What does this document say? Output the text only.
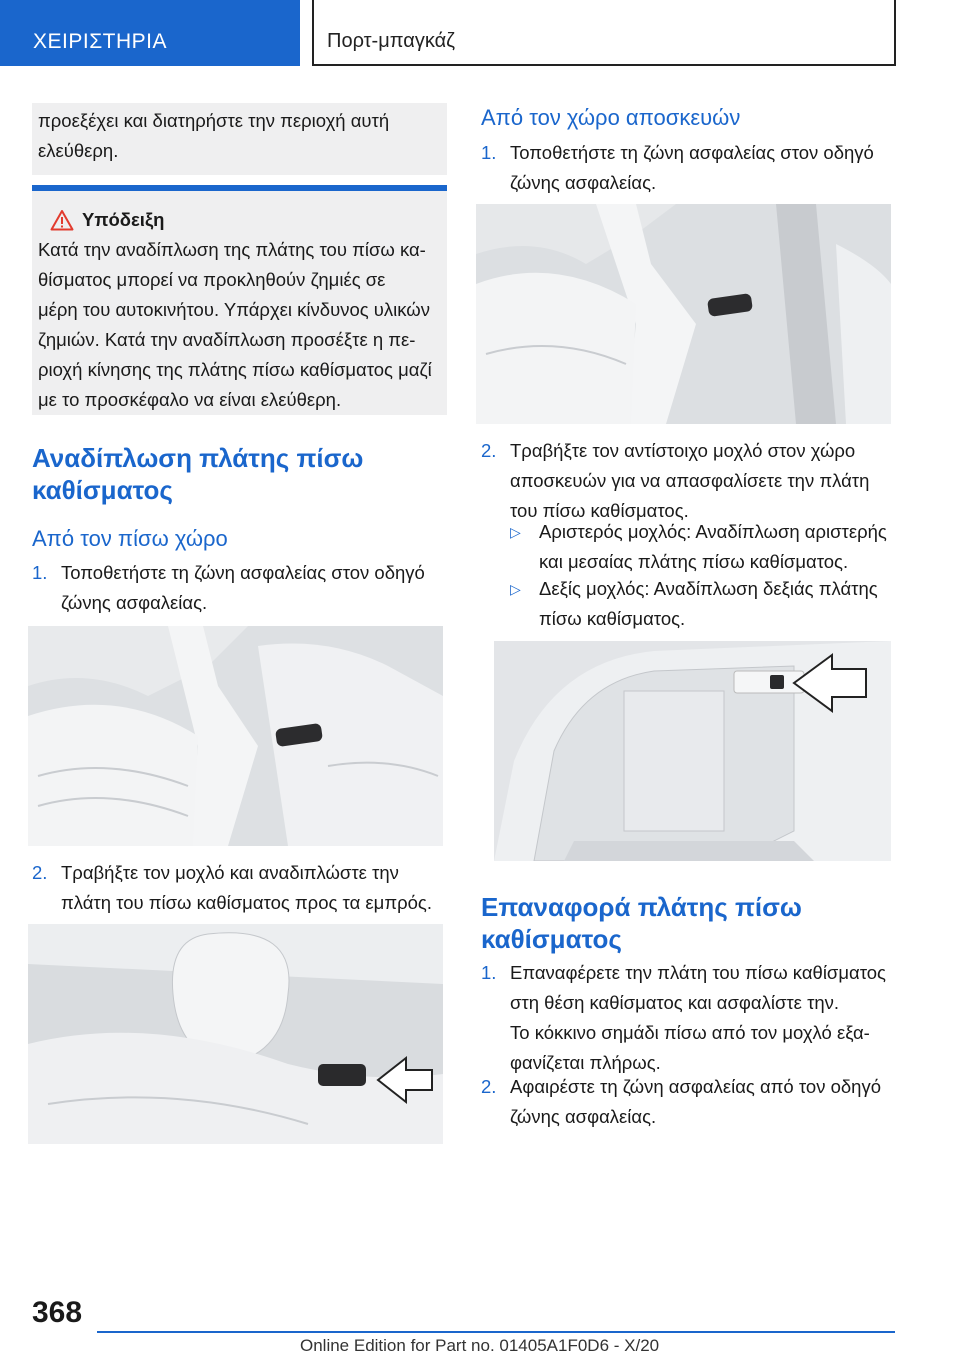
ΧΕΙΡΙΣΤΗΡΙΑ	Πορτ-μπαγκάζ
προεξέχει και διατηρήστε την περιοχή αυτή
ελεύθερη.
Υπόδειξη
Κατά την αναδίπλωση της πλάτης του πίσω κα-
θίσματος μπορεί να προκληθούν ζημιές σε
μέρη του αυτοκινήτου. Υπάρχει κίνδυνος υλικών
ζημιών. Κατά την αναδίπλωση προσέξτε η πε-
ριοχή κίνησης της πλάτης πίσω καθίσματος μαζί
με το προσκέφαλο να είναι ελεύθερη.
Αναδίπλωση πλάτης πίσω
καθίσματος
Από τον πίσω χώρο
1. Τοποθετήστε τη ζώνη ασφαλείας στον οδηγό
ζώνης ασφαλείας.
2. Τραβήξτε τον μοχλό και αναδιπλώστε την
πλάτη του πίσω καθίσματος προς τα εμπρός.
Από τον χώρο αποσκευών
1. Τοποθετήστε τη ζώνη ασφαλείας στον οδηγό
ζώνης ασφαλείας.
2. Τραβήξτε τον αντίστοιχο μοχλό στον χώρο
αποσκευών για να απασφαλίσετε την πλάτη
του πίσω καθίσματος.
▷ Αριστερός μοχλός: Αναδίπλωση αριστερής
και μεσαίας πλάτης πίσω καθίσματος.
▷ Δεξίς μοχλός: Αναδίπλωση δεξιάς πλάτης
πίσω καθίσματος.
Επαναφορά πλάτης πίσω
καθίσματος
1. Επαναφέρετε την πλάτη του πίσω καθίσματος
στη θέση καθίσματος και ασφαλίστε την.
Το κόκκινο σημάδι πίσω από τον μοχλό εξα-
φανίζεται πλήρως.
2. Αφαιρέστε τη ζώνη ασφαλείας από τον οδηγό
ζώνης ασφαλείας.
368
Online Edition for Part no. 01405A1F0D6 - X/20
